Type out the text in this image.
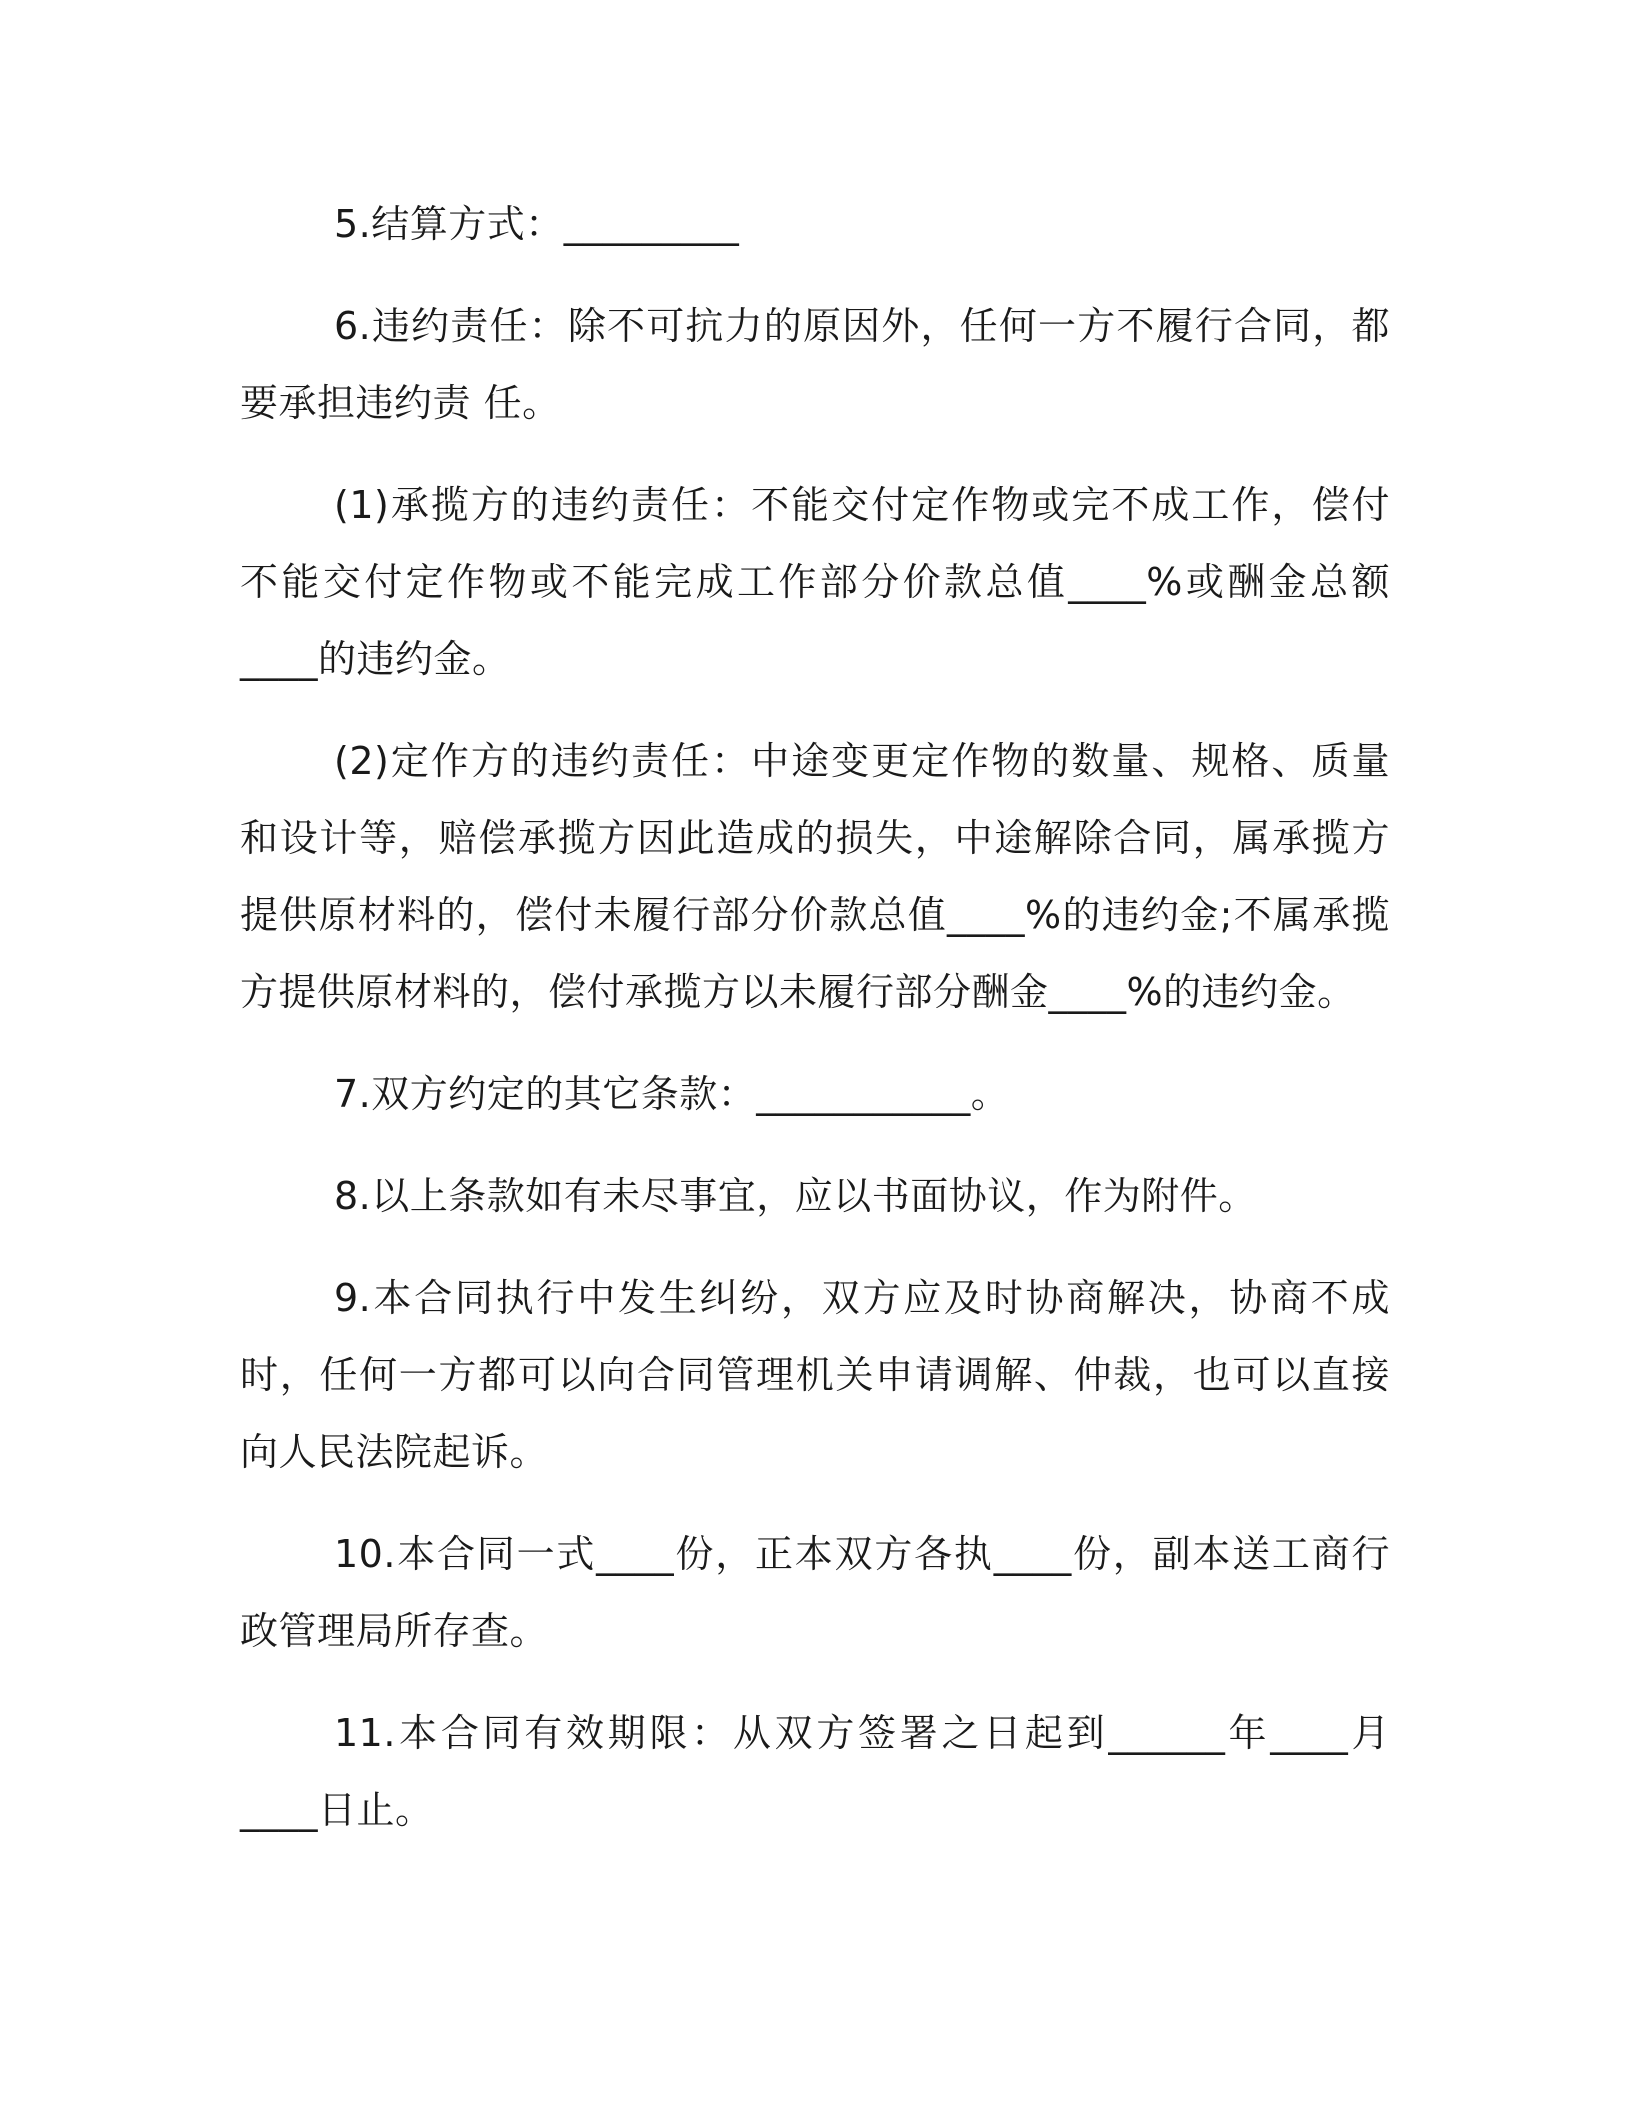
5.结算方式：_________

6.违约责任：除不可抗力的原因外，任何一方不履行合同，都要承担违约责 任。

(1)承揽方的违约责任：不能交付定作物或完不成工作，偿付不能交付定作物或不能完成工作部分价款总值____%或酬金总额____的违约金。

(2)定作方的违约责任：中途变更定作物的数量、规格、质量和设计等，赔偿承揽方因此造成的损失，中途解除合同，属承揽方提供原材料的，偿付未履行部分价款总值____%的违约金;不属承揽方提供原材料的，偿付承揽方以未履行部分酬金____%的违约金。

7.双方约定的其它条款：___________。

8.以上条款如有未尽事宜，应以书面协议，作为附件。

9.本合同执行中发生纠纷，双方应及时协商解决，协商不成时，任何一方都可以向合同管理机关申请调解、仲裁，也可以直接向人民法院起诉。

10.本合同一式____份，正本双方各执____份，副本送工商行政管理局所存查。

11.本合同有效期限：从双方签署之日起到______年____月____日止。
